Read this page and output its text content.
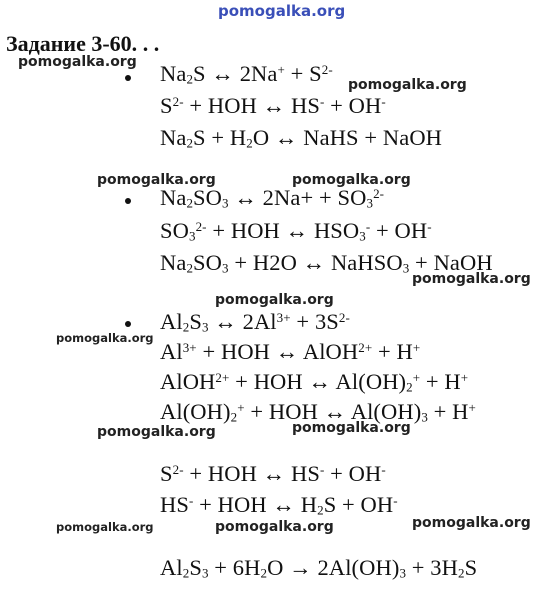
pomogalka.org
Задание 3-60. . .
pomogalka.org
pomogalka.org
pomogalka.org	pomogalka.org
pomogalka.org
pomogalka.org
pomogalka.org
pomogalka.org	pomogalka.org
pomogalka.org	pomogalka.org	pomogalka.org
$Na_2S$ ↔ $2Na^+ + S^{2-}$
$S^{2-}$ + HOH ↔ HS- + OH-
$Na_2S + H_2O$ ↔ NaHS + NaOH
$Na_2SO_3$ ↔ $2Na+ + SO_3^{2-}$
$SO_3^{2-}$ + HOH ↔ $HSO_3^- + OH^-$
$Na_2SO_3 + H2O$ ↔ NaHSO$_3$ + NaOH
$Al_2S_3$ ↔ $2Al^{3+} + 3S^{2-}$
$Al^{3+}$ + HOH ↔ AlOH$^{2+}$ + H+
AlOH$^{2+}$ + HOH ↔ $Al(OH)_2^+ + H^+$
$Al(OH)_2^+$ + HOH ↔ $Al(OH)_3 + H^+$
$S^{2-}$ + HOH ↔ HS- + OH-
HS- + HOH ↔ $H_2S + OH^-$
$Al_2S_3 + 6H_2O \to 2Al(OH)_3 + 3H_2S$
